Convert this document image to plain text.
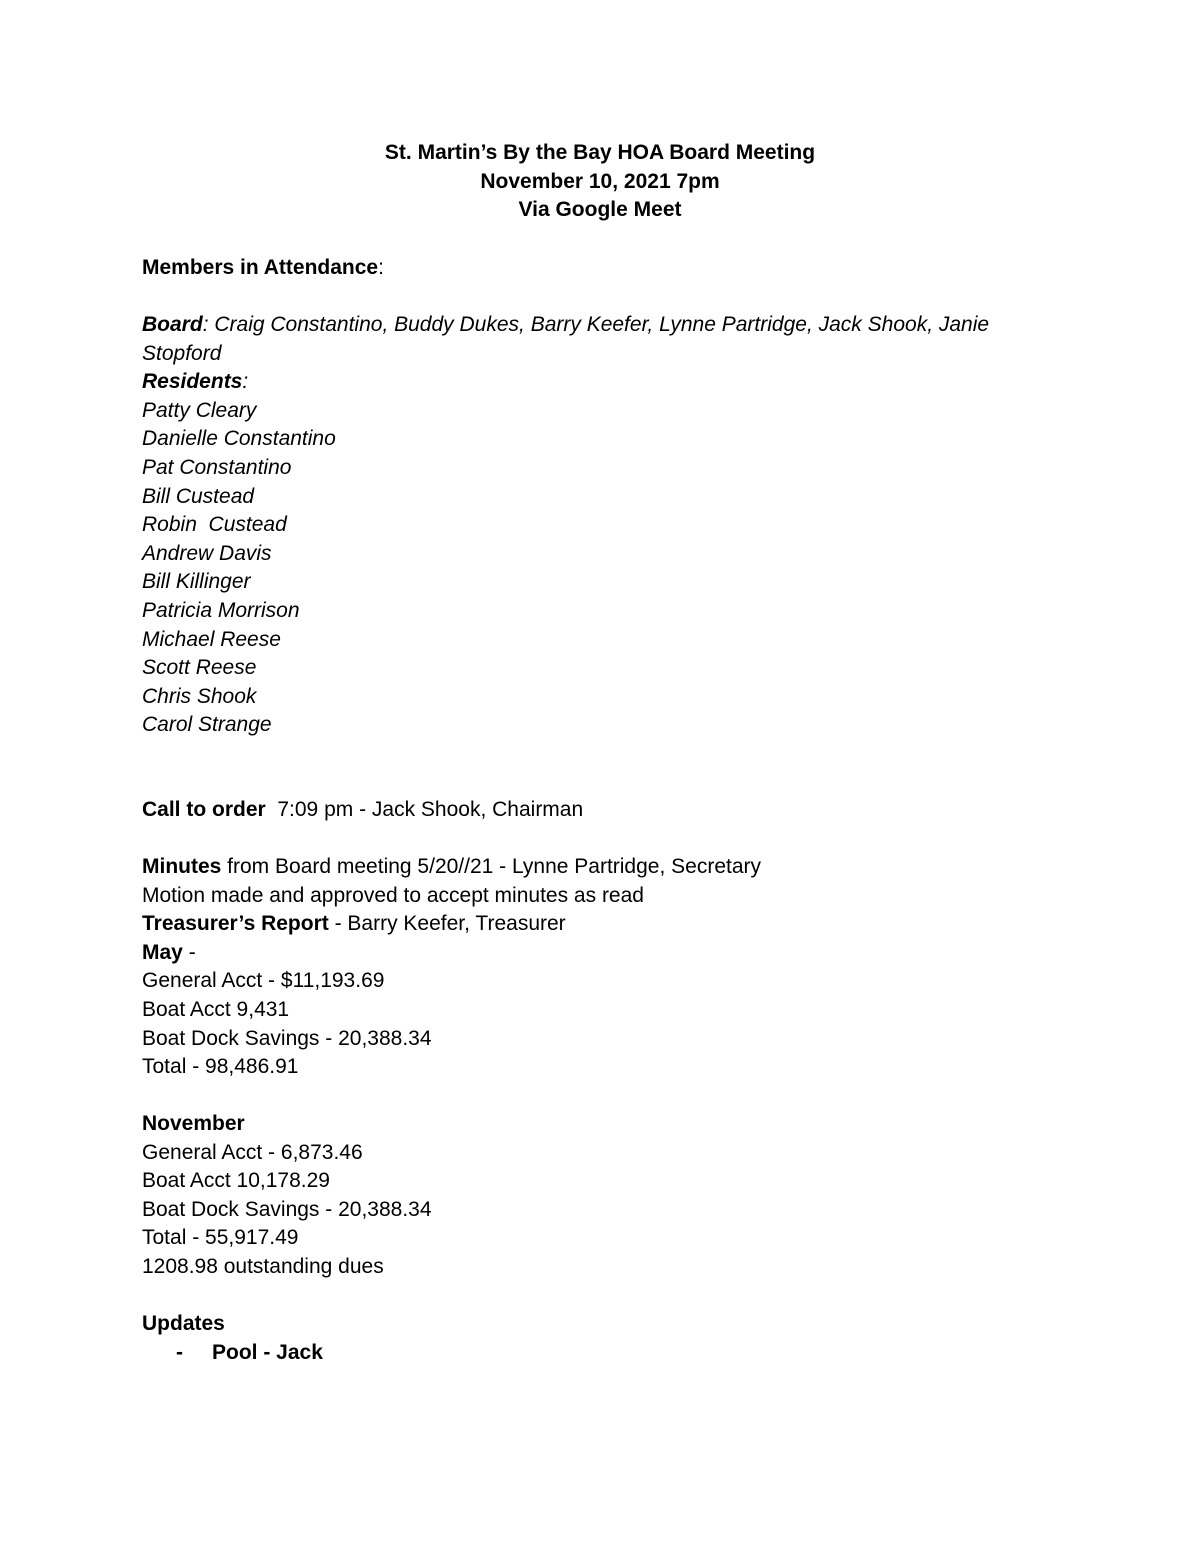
St. Martin’s By the Bay HOA Board Meeting
November 10, 2021 7pm
Via Google Meet
Members in Attendance:
Board: Craig Constantino, Buddy Dukes, Barry Keefer, Lynne Partridge, Jack Shook, Janie
Stopford
Residents:
Patty Cleary
Danielle Constantino
Pat Constantino
Bill Custead
Robin  Custead
Andrew Davis
Bill Killinger
Patricia Morrison
Michael Reese
Scott Reese
Chris Shook
Carol Strange
Call to order  7:09 pm - Jack Shook, Chairman
Minutes from Board meeting 5/20//21 - Lynne Partridge, Secretary
Motion made and approved to accept minutes as read
Treasurer’s Report - Barry Keefer, Treasurer
May -
General Acct - $11,193.69
Boat Acct 9,431
Boat Dock Savings - 20,388.34
Total - 98,486.91
November
General Acct - 6,873.46
Boat Acct 10,178.29
Boat Dock Savings - 20,388.34
Total - 55,917.49
1208.98 outstanding dues
Updates
- Pool - Jack
